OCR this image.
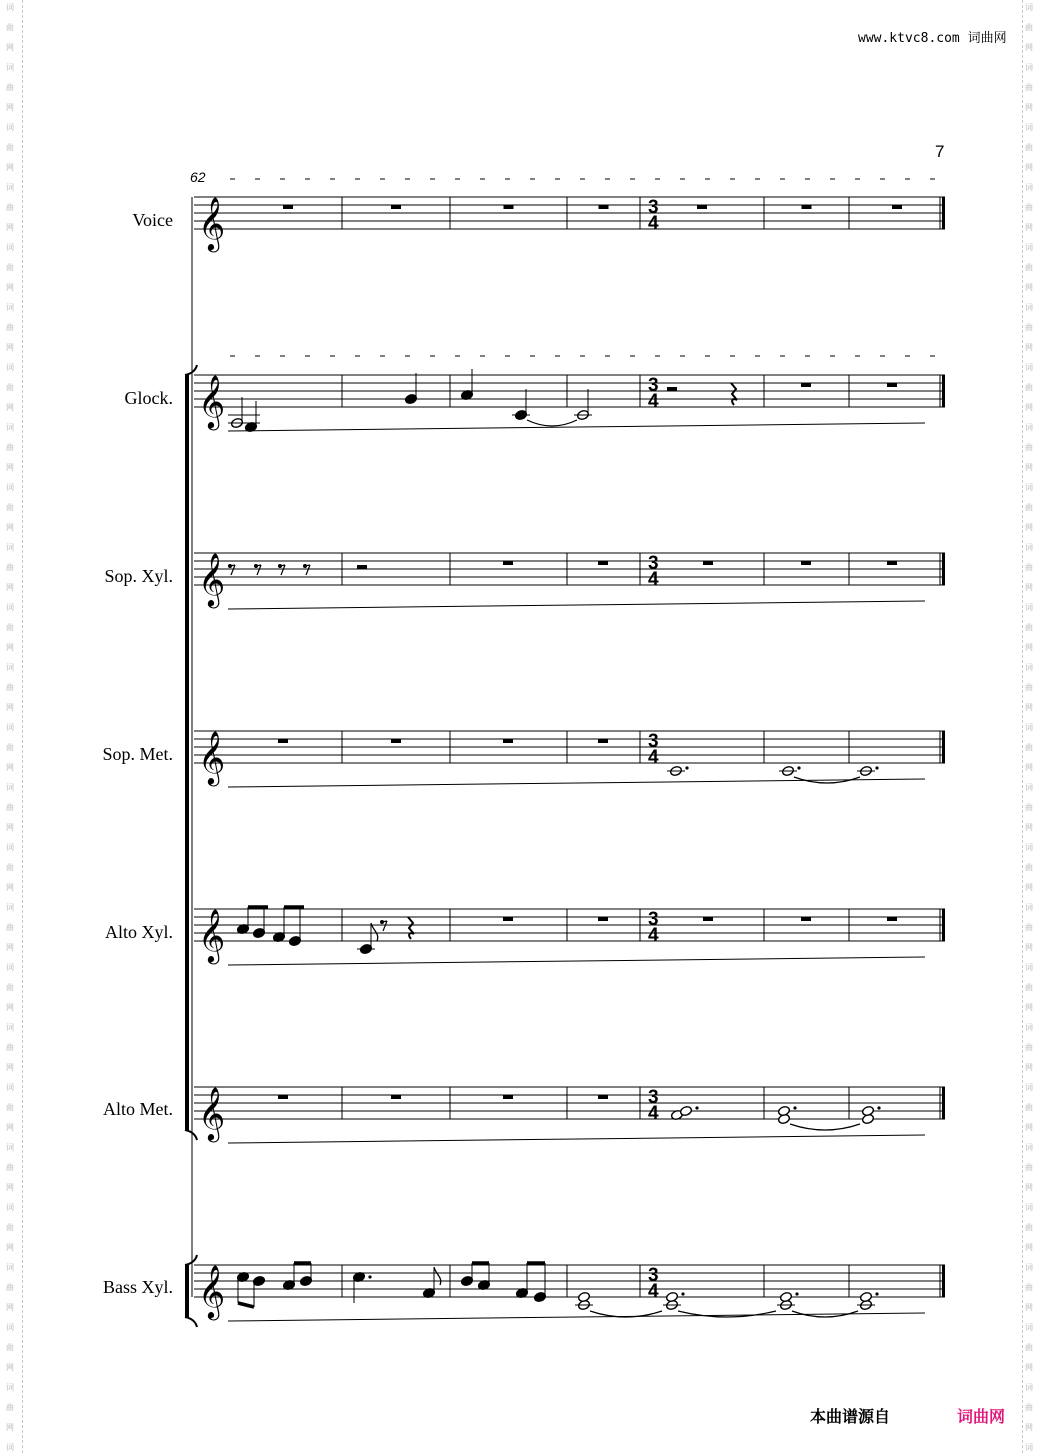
词
曲
网
词
曲
网
词
曲
网
词
曲
网
词
曲
网
词
曲
网
词
曲
网
词
曲
网
词
曲
网
词
曲
网
词
曲
网
词
曲
网
词
曲
网
词
曲
网
词
曲
网
词
曲
网
词
曲
网
词
曲
网
词
曲
网
词
曲
网
词
曲
网
词
曲
网
词
曲
网
词
曲
网
词
词
曲
网
词
曲
网
词
曲
网
词
曲
网
词
曲
网
词
曲
网
词
曲
网
词
曲
网
词
曲
网
词
曲
网
词
曲
网
词
曲
网
词
曲
网
词
曲
网
词
曲
网
词
曲
网
词
曲
网
词
曲
网
词
曲
网
词
曲
网
词
曲
网
词
曲
网
词
曲
网
词
曲
网
词
www.ktvc8.com 词曲网
7
Voice
Glock.
Sop. Xyl.
Sop. Met.
Alto Xyl.
Alto Met.
Bass Xyl.
62
𝄞	3
4
𝄞	3
4
𝄞	3
4
𝄞	3
4
𝄞	3
4
𝄞	3
4
𝄞	3
4
本曲谱源自	词曲网
